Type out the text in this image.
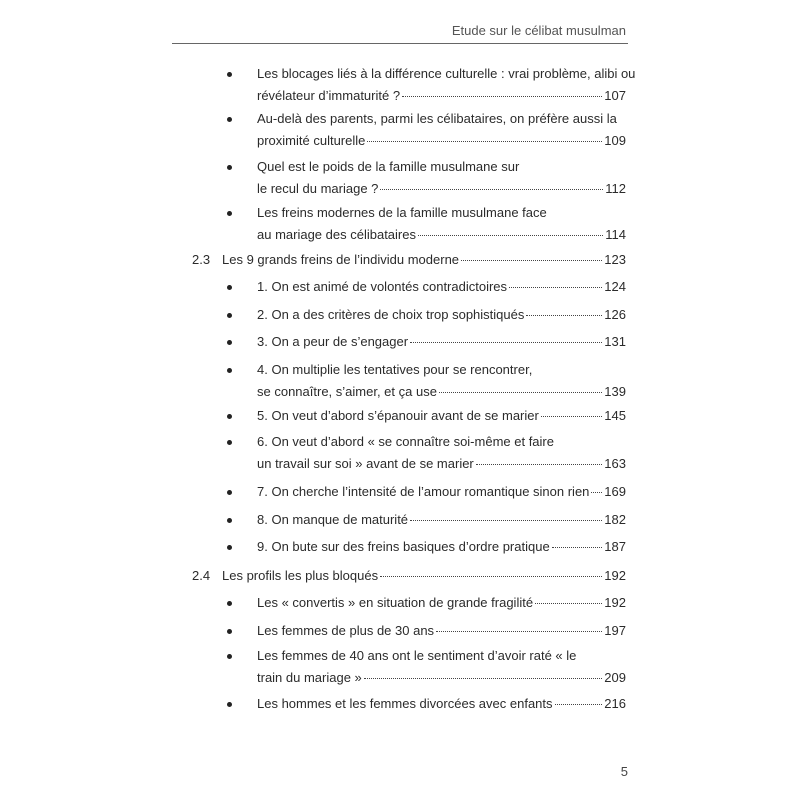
Etude sur le célibat musulman
Les blocages liés à la différence culturelle : vrai problème, alibi ou
révélateur d’immaturité ?	107
Au-delà des parents, parmi les célibataires, on préfère aussi la
proximité culturelle	109
Quel est le poids de la famille musulmane sur
le recul du mariage ?	112
Les freins modernes de la famille musulmane face
au mariage des célibataires	114
2.3 Les 9 grands freins de l’individu moderne	123
1. On est animé de volontés contradictoires	124
2. On a des critères de choix trop sophistiqués	126
3. On a peur de s’engager	131
4. On multiplie les tentatives pour se rencontrer,
se connaître, s’aimer, et ça use	139
5. On veut d’abord s’épanouir avant de se marier	145
6. On veut d’abord « se connaître soi-même et faire
un travail sur soi » avant de se marier	163
7. On cherche l’intensité de l’amour romantique sinon rien 169
8. On manque de maturité	182
9. On bute sur des freins basiques d’ordre pratique	187
2.4 Les profils les plus bloqués	192
Les « convertis » en situation de grande fragilité	192
Les femmes de plus de 30 ans	197
Les femmes de 40 ans ont le sentiment d’avoir raté « le
train du mariage »	209
Les hommes et les femmes divorcées avec enfants	216
5
